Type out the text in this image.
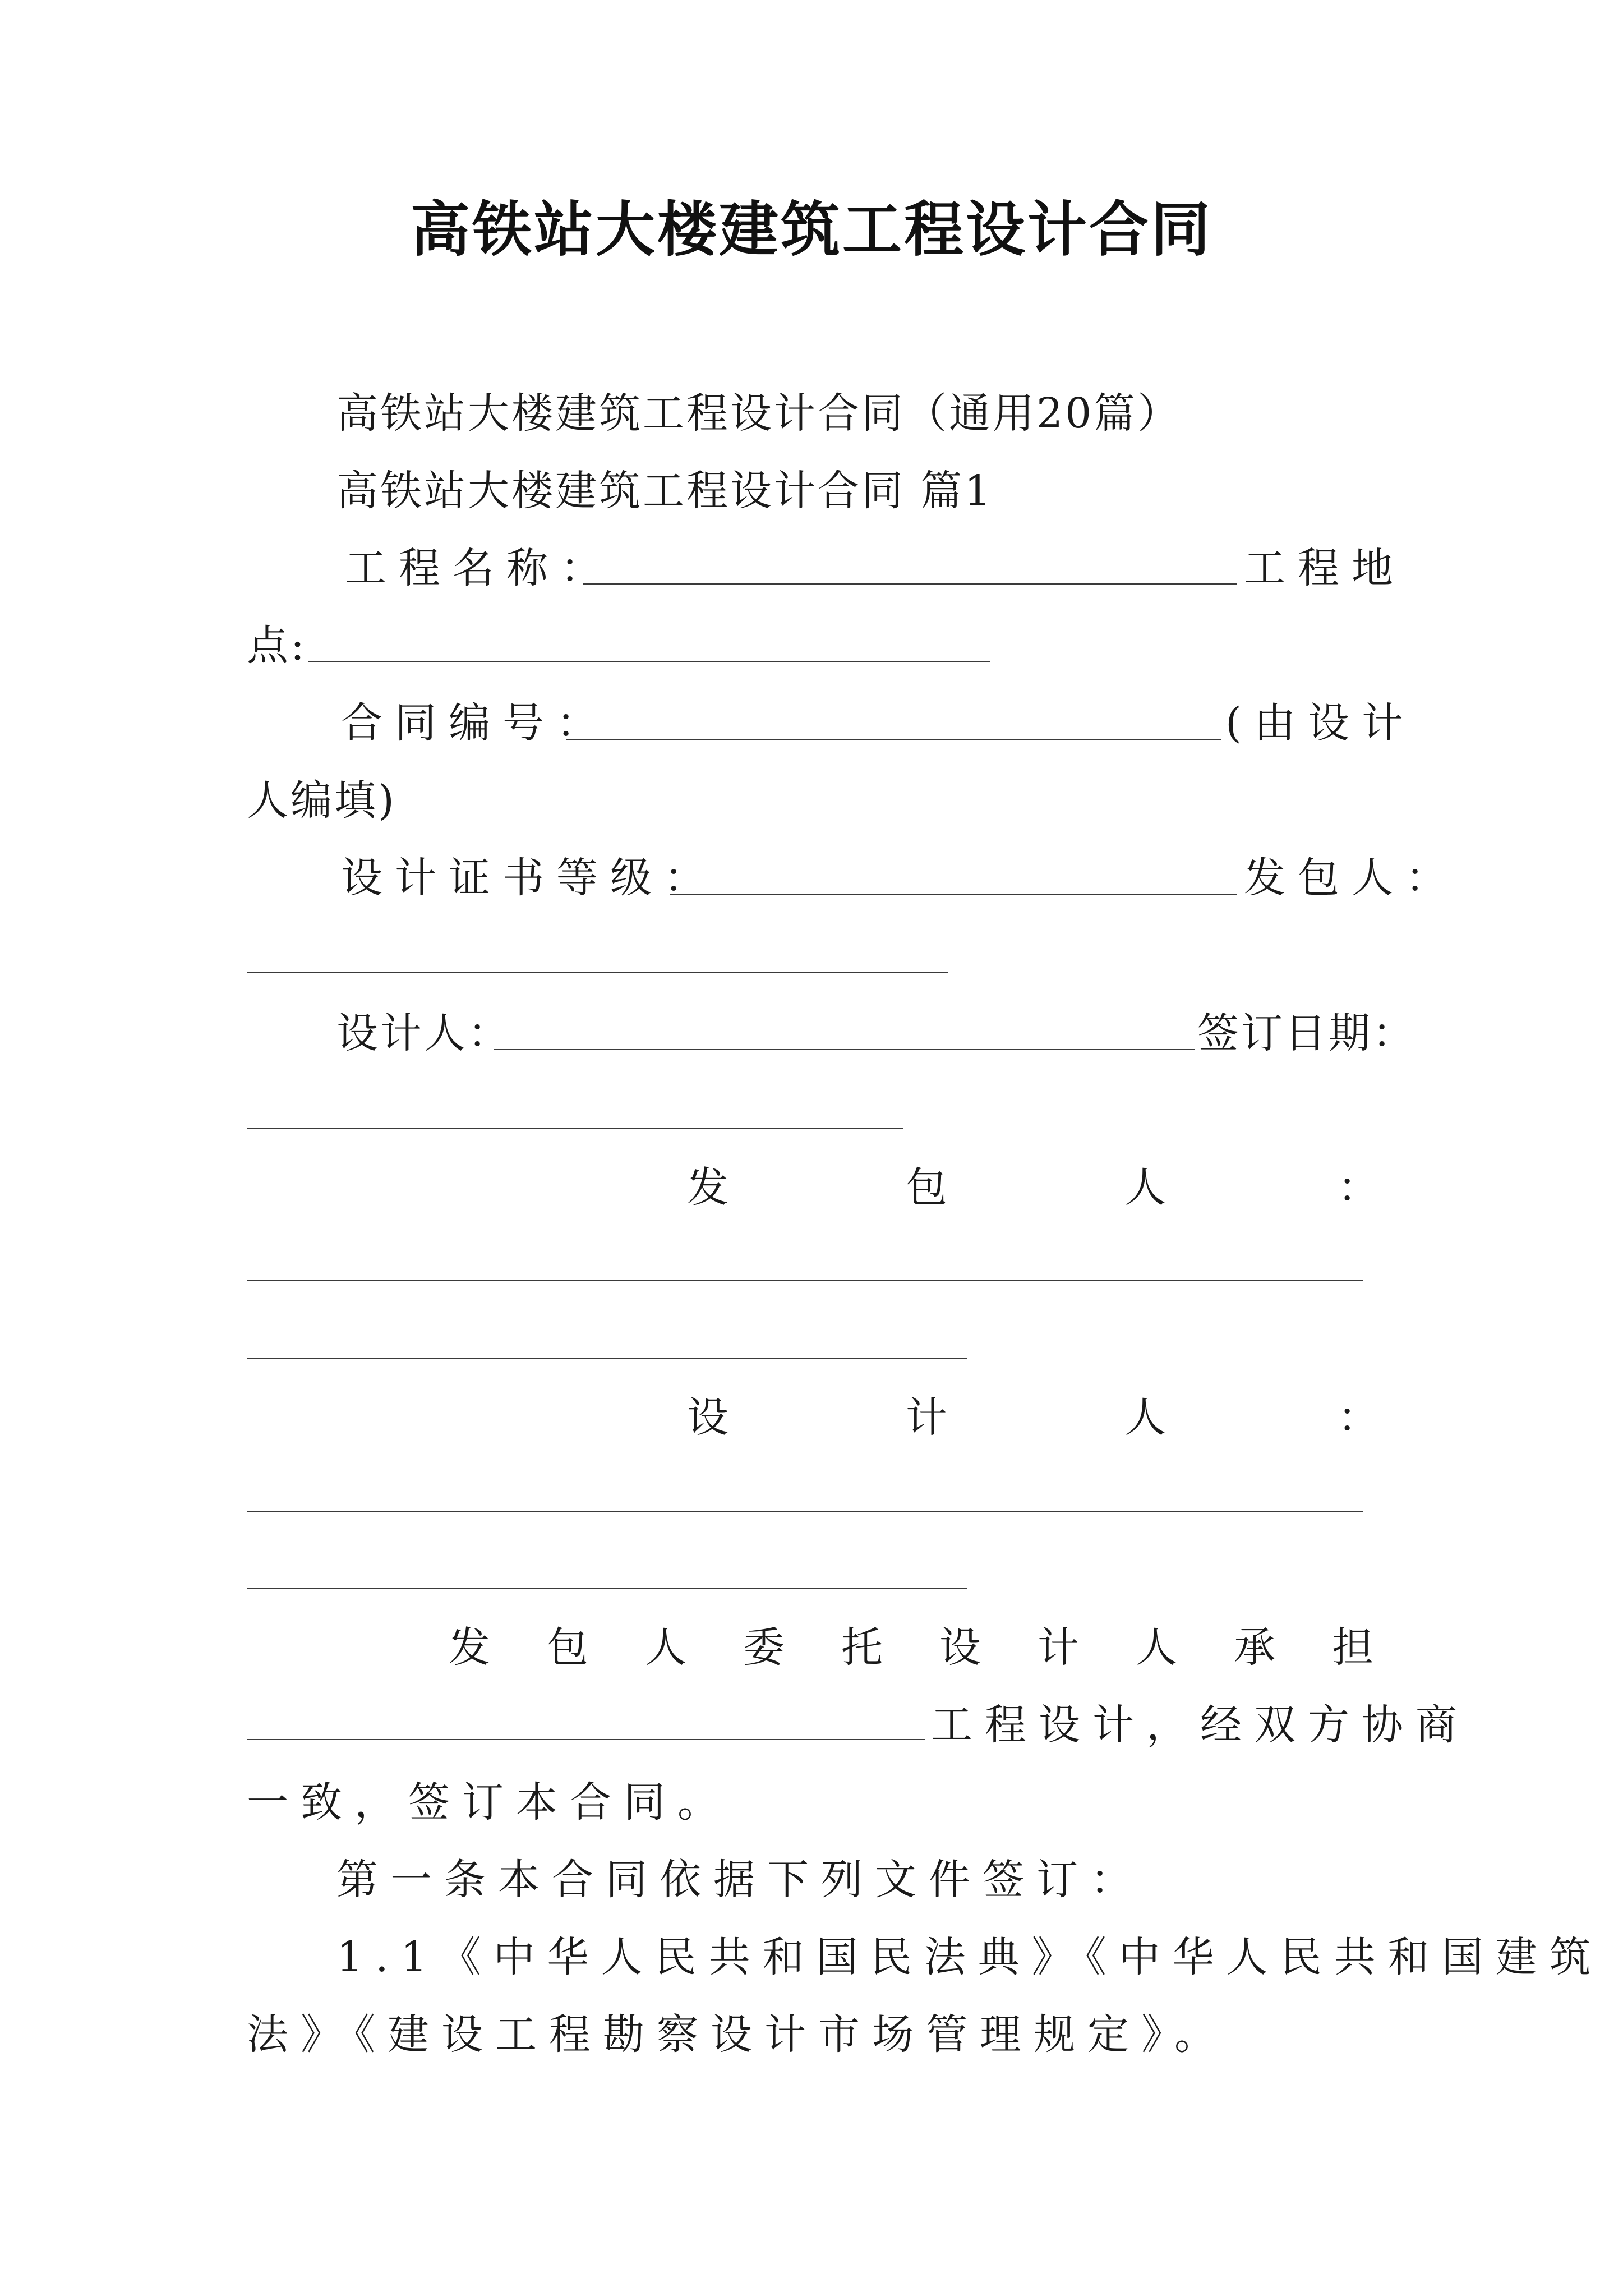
高铁站大楼建筑工程设计合同
高铁站大楼建筑工程设计合同（通用20篇）
高铁站大楼建筑工程设计合同 篇1
工程名称：	工程地
点:
合同编号：	(由设计
人编填)
设计证书等级：	发包人：
设计人：	签订日期：
发	包	人	：
设	计	人	：
发 包 人 委 托 设 计 人 承 担
工程设计，经双方协商
一致，签订本合同。
第一条本合同依据下列文件签订：
1.1《中华人民共和国民法典》《中华人民共和国建筑
法》《建设工程勘察设计市场管理规定》。
